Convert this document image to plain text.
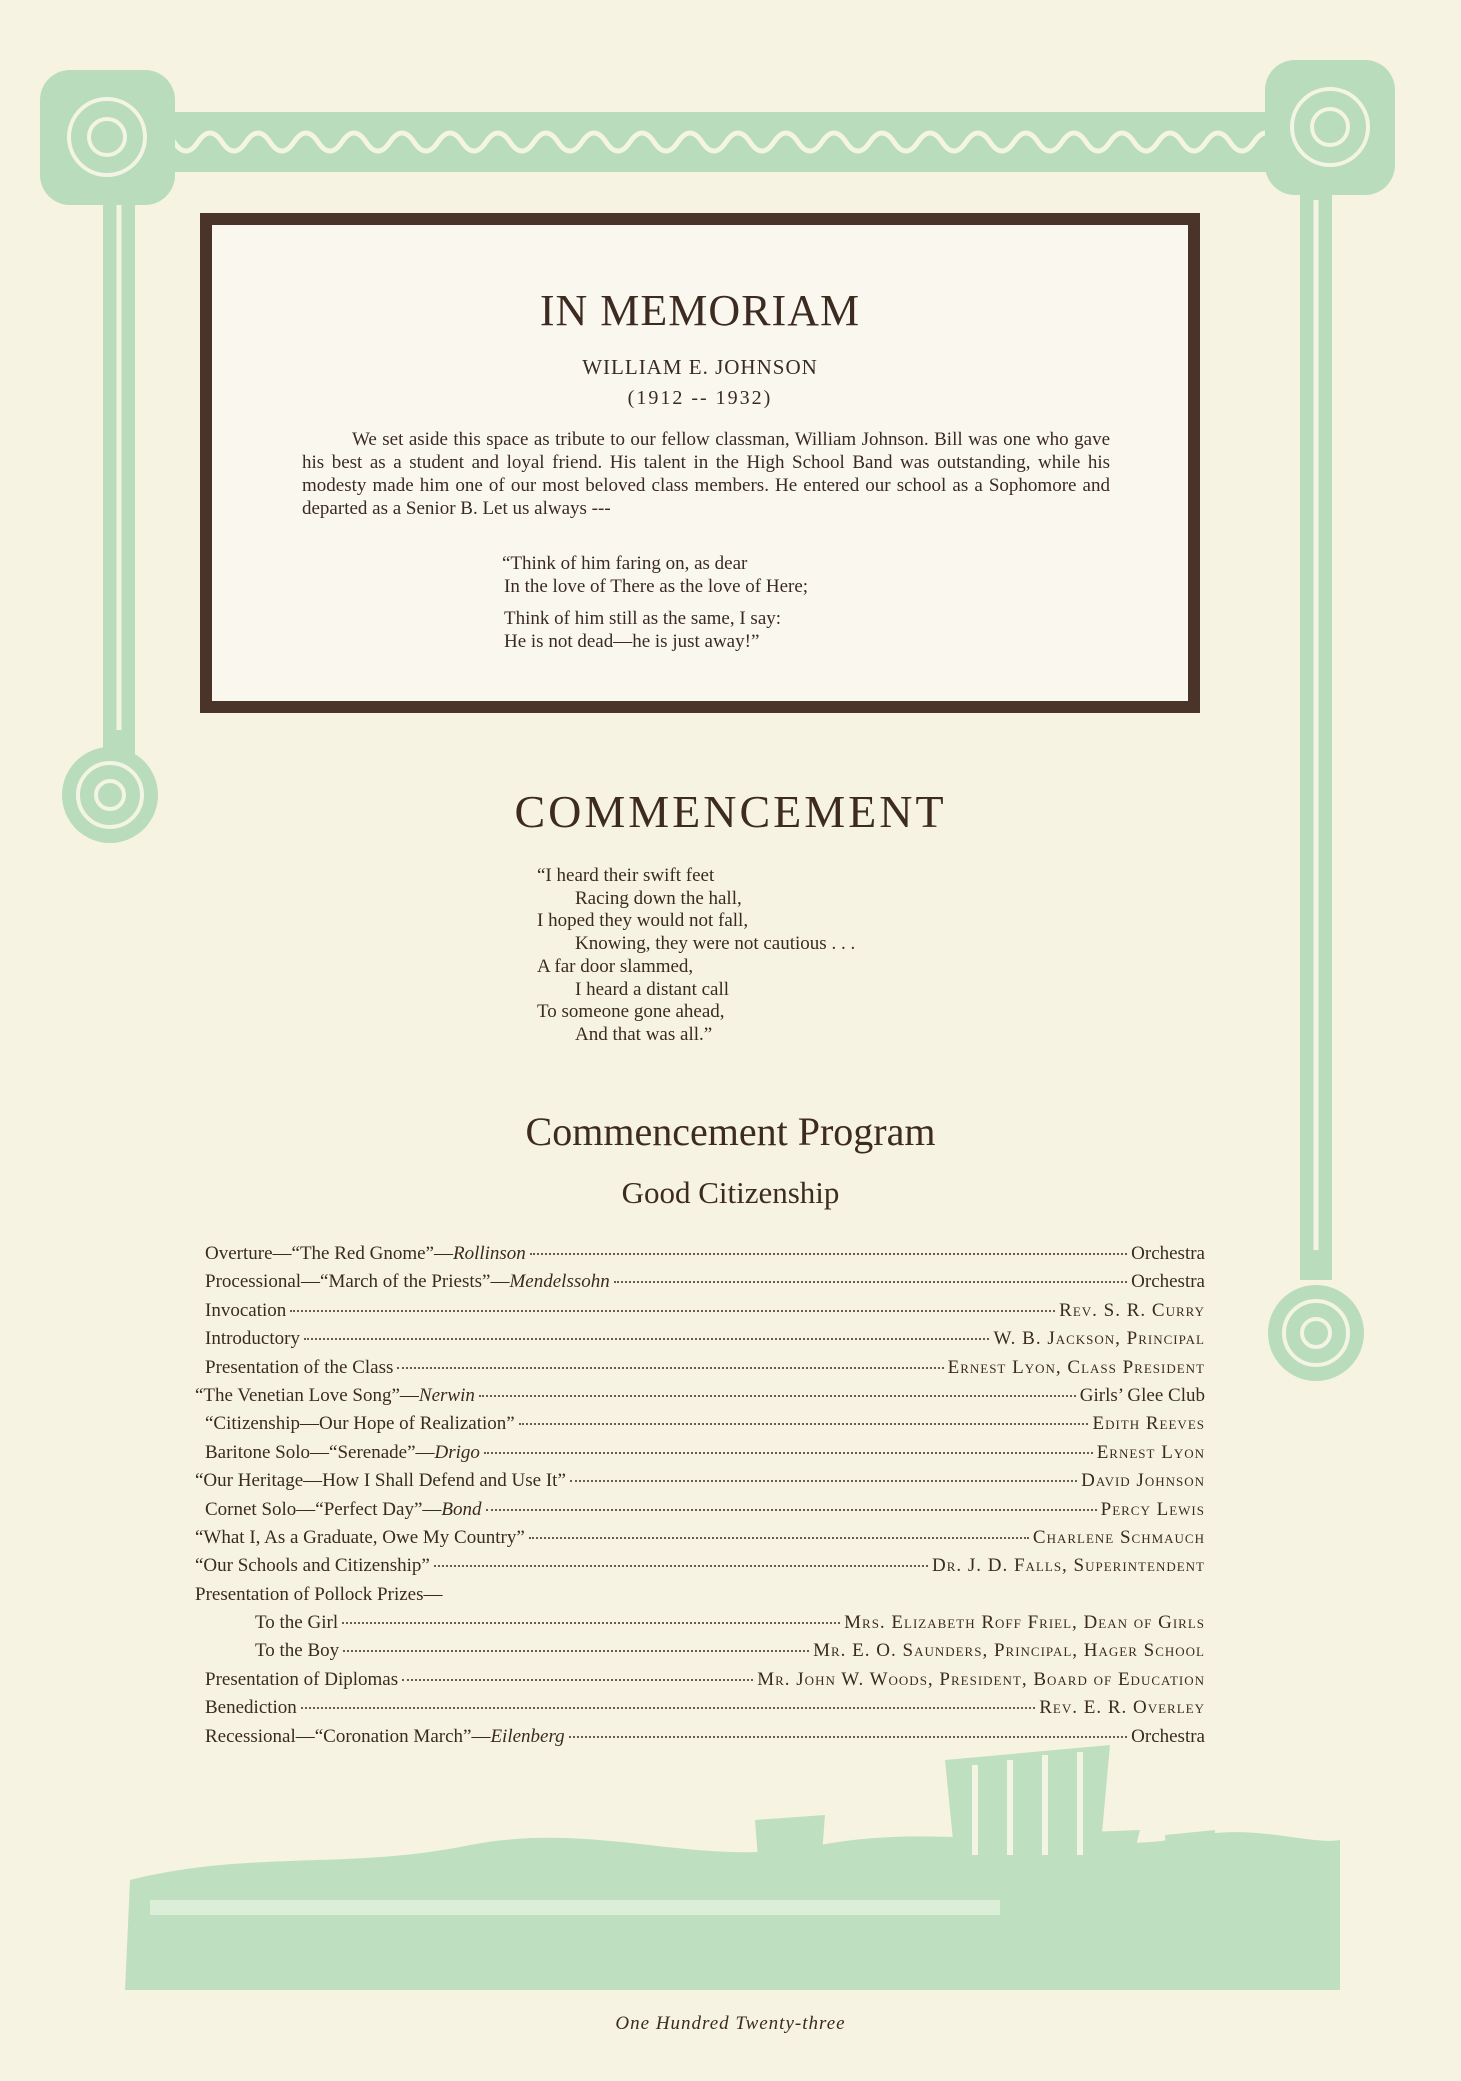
IN MEMORIAM
WILLIAM E. JOHNSON
(1912 -- 1932)
We set aside this space as tribute to our fellow classman, William Johnson. Bill was one who gave his best as a student and loyal friend. His talent in the High School Band was outstanding, while his modesty made him one of our most beloved class members. He entered our school as a Sophomore and departed as a Senior B. Let us always ---
“Think of him faring on, as dear
In the love of There as the love of Here;
Think of him still as the same, I say:
He is not dead—he is just away!”
COMMENCEMENT
“I heard their swift feet
Racing down the hall,
I hoped they would not fall,
Knowing, they were not cautious . . .
A far door slammed,
I heard a distant call
To someone gone ahead,
And that was all.”
Commencement Program
Good Citizenship
Overture—“The Red Gnome”—Rollinson	Orchestra
Processional—“March of the Priests”—Mendelssohn	Orchestra
Invocation	Rev. S. R. Curry
Introductory	W. B. Jackson, Principal
Presentation of the Class	Ernest Lyon, Class President
“The Venetian Love Song”—Nerwin	Girls’ Glee Club
“Citizenship—Our Hope of Realization”	Edith Reeves
Baritone Solo—“Serenade”—Drigo	Ernest Lyon
“Our Heritage—How I Shall Defend and Use It”	David Johnson
Cornet Solo—“Perfect Day”—Bond	Percy Lewis
“What I, As a Graduate, Owe My Country”	Charlene Schmauch
“Our Schools and Citizenship”	Dr. J. D. Falls, Superintendent
Presentation of Pollock Prizes—
To the Girl	Mrs. Elizabeth Roff Friel, Dean of Girls
To the Boy	Mr. E. O. Saunders, Principal, Hager School
Presentation of Diplomas	Mr. John W. Woods, President, Board of Education
Benediction	Rev. E. R. Overley
Recessional—“Coronation March”—Eilenberg	Orchestra
One Hundred Twenty-three
